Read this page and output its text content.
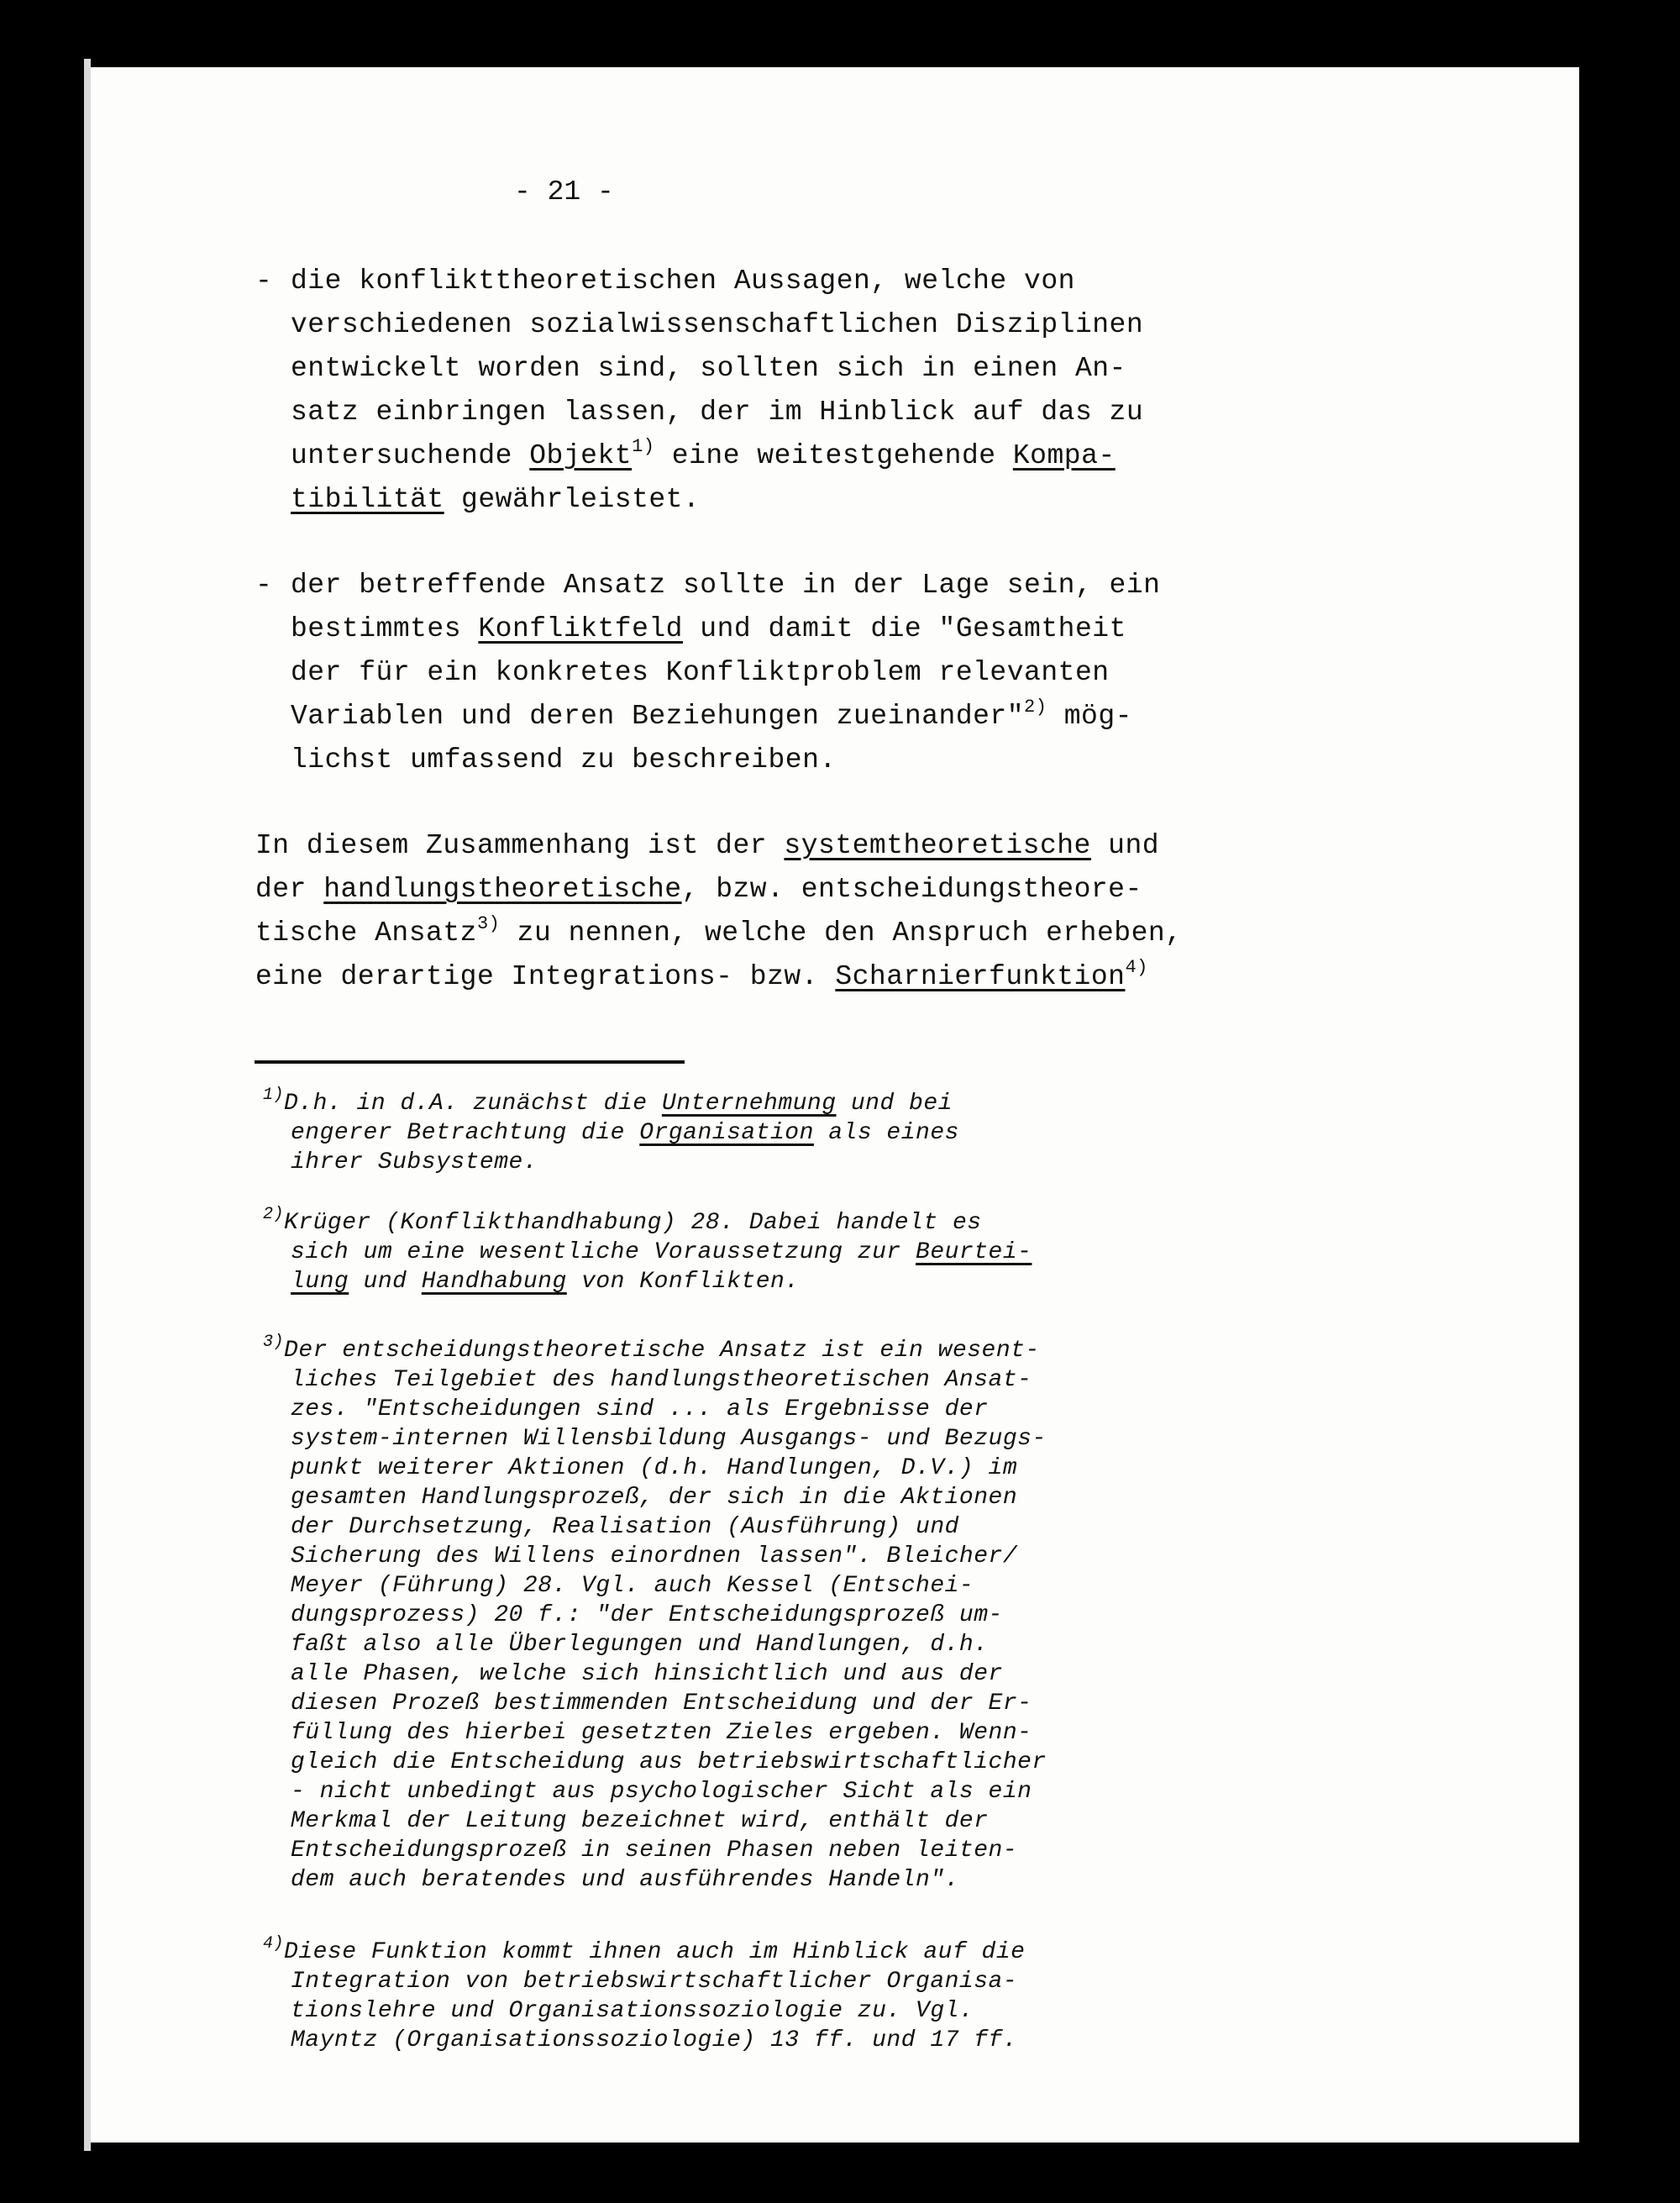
- 21 -
- die konflikttheoretischen Aussagen, welche von
verschiedenen sozialwissenschaftlichen Disziplinen
entwickelt worden sind, sollten sich in einen An-
satz einbringen lassen, der im Hinblick auf das zu
untersuchende Objekt$^{1)}$ eine weitestgehende Kompa-
tibilität gewährleistet.
- der betreffende Ansatz sollte in der Lage sein, ein
bestimmtes Konfliktfeld und damit die "Gesamtheit
der für ein konkretes Konfliktproblem relevanten
Variablen und deren Beziehungen zueinander"$^{2)}$ mög-
lichst umfassend zu beschreiben.
In diesem Zusammenhang ist der systemtheoretische und
der handlungstheoretische, bzw. entscheidungstheore-
tische Ansatz$^{3)}$ zu nennen, welche den Anspruch erheben,
eine derartige Integrations- bzw. Scharnierfunktion$^{4)}$
$^{1)}$D.h. in d.A. zunächst die Unternehmung und bei
engerer Betrachtung die Organisation als eines
ihrer Subsysteme.
$^{2)}$Krüger (Konflikthandhabung) 28. Dabei handelt es
sich um eine wesentliche Voraussetzung zur Beurtei-
lung und Handhabung von Konflikten.
$^{3)}$Der entscheidungstheoretische Ansatz ist ein wesent-
liches Teilgebiet des handlungstheoretischen Ansat-
zes. "Entscheidungen sind ... als Ergebnisse der
system-internen Willensbildung Ausgangs- und Bezugs-
punkt weiterer Aktionen (d.h. Handlungen, D.V.) im
gesamten Handlungsprozeß, der sich in die Aktionen
der Durchsetzung, Realisation (Ausführung) und
Sicherung des Willens einordnen lassen". Bleicher/
Meyer (Führung) 28. Vgl. auch Kessel (Entschei-
dungsprozess) 20 f.: "der Entscheidungsprozeß um-
faßt also alle Überlegungen und Handlungen, d.h.
alle Phasen, welche sich hinsichtlich und aus der
diesen Prozeß bestimmenden Entscheidung und der Er-
füllung des hierbei gesetzten Zieles ergeben. Wenn-
gleich die Entscheidung aus betriebswirtschaftlicher
- nicht unbedingt aus psychologischer Sicht als ein
Merkmal der Leitung bezeichnet wird, enthält der
Entscheidungsprozeß in seinen Phasen neben leiten-
dem auch beratendes und ausführendes Handeln".
$^{4)}$Diese Funktion kommt ihnen auch im Hinblick auf die
Integration von betriebswirtschaftlicher Organisa-
tionslehre und Organisationssoziologie zu. Vgl.
Mayntz (Organisationssoziologie) 13 ff. und 17 ff.
